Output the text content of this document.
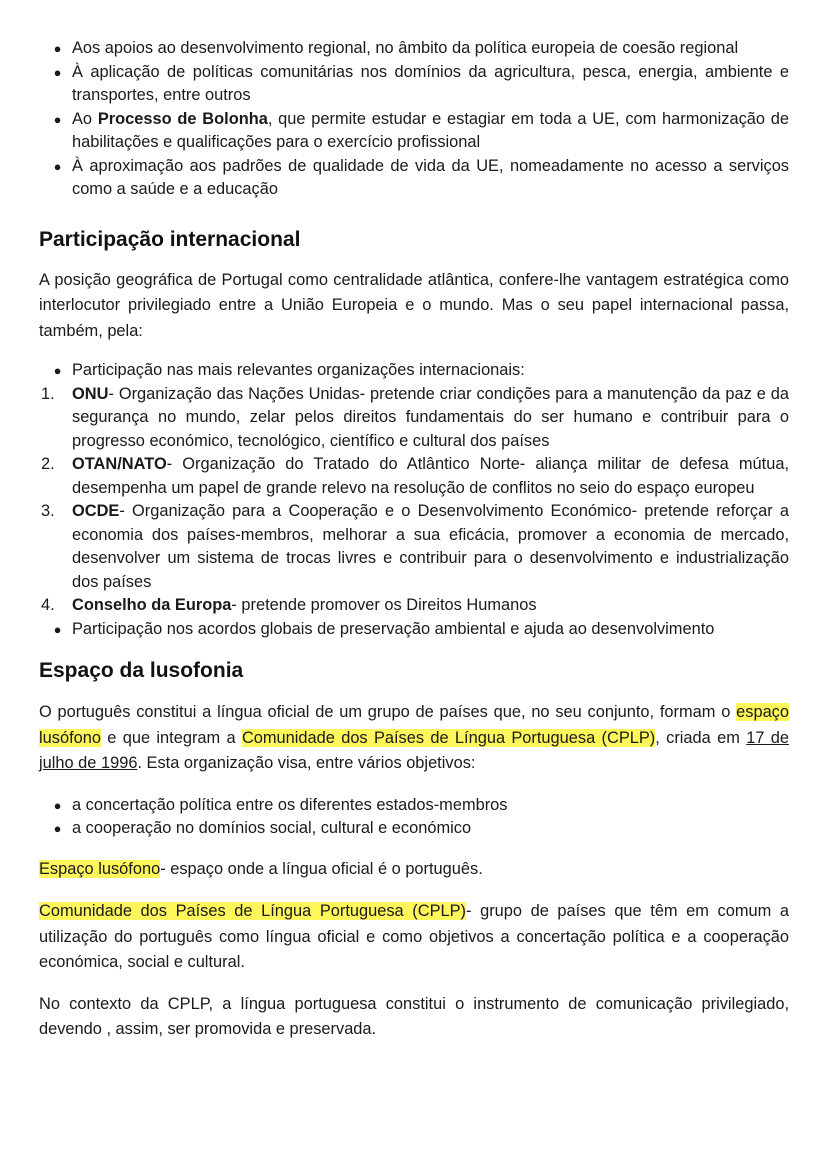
● Aos apoios ao desenvolvimento regional, no âmbito da política europeia de coesão regional
● À aplicação de políticas comunitárias nos domínios da agricultura, pesca, energia, ambiente e transportes, entre outros
● Ao Processo de Bolonha, que permite estudar e estagiar em toda a UE, com harmonização de habilitações e qualificações para o exercício profissional
● À aproximação aos padrões de qualidade de vida da UE, nomeadamente no acesso a serviços como a saúde e a educação
Participação internacional

A posição geográfica de Portugal como centralidade atlântica, confere-lhe vantagem estratégica como interlocutor privilegiado entre a União Europeia e o mundo. Mas o seu papel internacional passa, também, pela:

● Participação nas mais relevantes organizações internacionais:
1.	ONU- Organização das Nações Unidas- pretende criar condições para a manutenção da paz e da segurança no mundo, zelar pelos direitos fundamentais do ser humano e contribuir para o progresso económico, tecnológico, científico e cultural dos países
2.	OTAN/NATO- Organização do Tratado do Atlântico Norte- aliança militar de defesa mútua, desempenha um papel de grande relevo na resolução de conflitos no seio do espaço europeu
3.	OCDE- Organização para a Cooperação e o Desenvolvimento Económico- pretende reforçar a economia dos países-membros, melhorar a sua eficácia, promover a economia de mercado, desenvolver um sistema de trocas livres e contribuir para o desenvolvimento e industrialização dos países
4.	Conselho da Europa- pretende promover os Direitos Humanos
● Participação nos acordos globais de preservação ambiental e ajuda ao desenvolvimento
Espaço da lusofonia

O português constitui a língua oficial de um grupo de países que, no seu conjunto, formam o espaço lusófono e que integram a Comunidade dos Países de Língua Portuguesa (CPLP), criada em 17 de julho de 1996. Esta organização visa, entre vários objetivos:

● a concertação política entre os diferentes estados-membros
● a cooperação no domínios social, cultural e económico

Espaço lusófono- espaço onde a língua oficial é o português.

Comunidade dos Países de Língua Portuguesa (CPLP)- grupo de países que têm em comum a utilização do português como língua oficial e como objetivos a concertação política e a cooperação económica, social e cultural.

No contexto da CPLP, a língua portuguesa constitui o instrumento de comunicação privilegiado, devendo , assim, ser promovida e preservada.
